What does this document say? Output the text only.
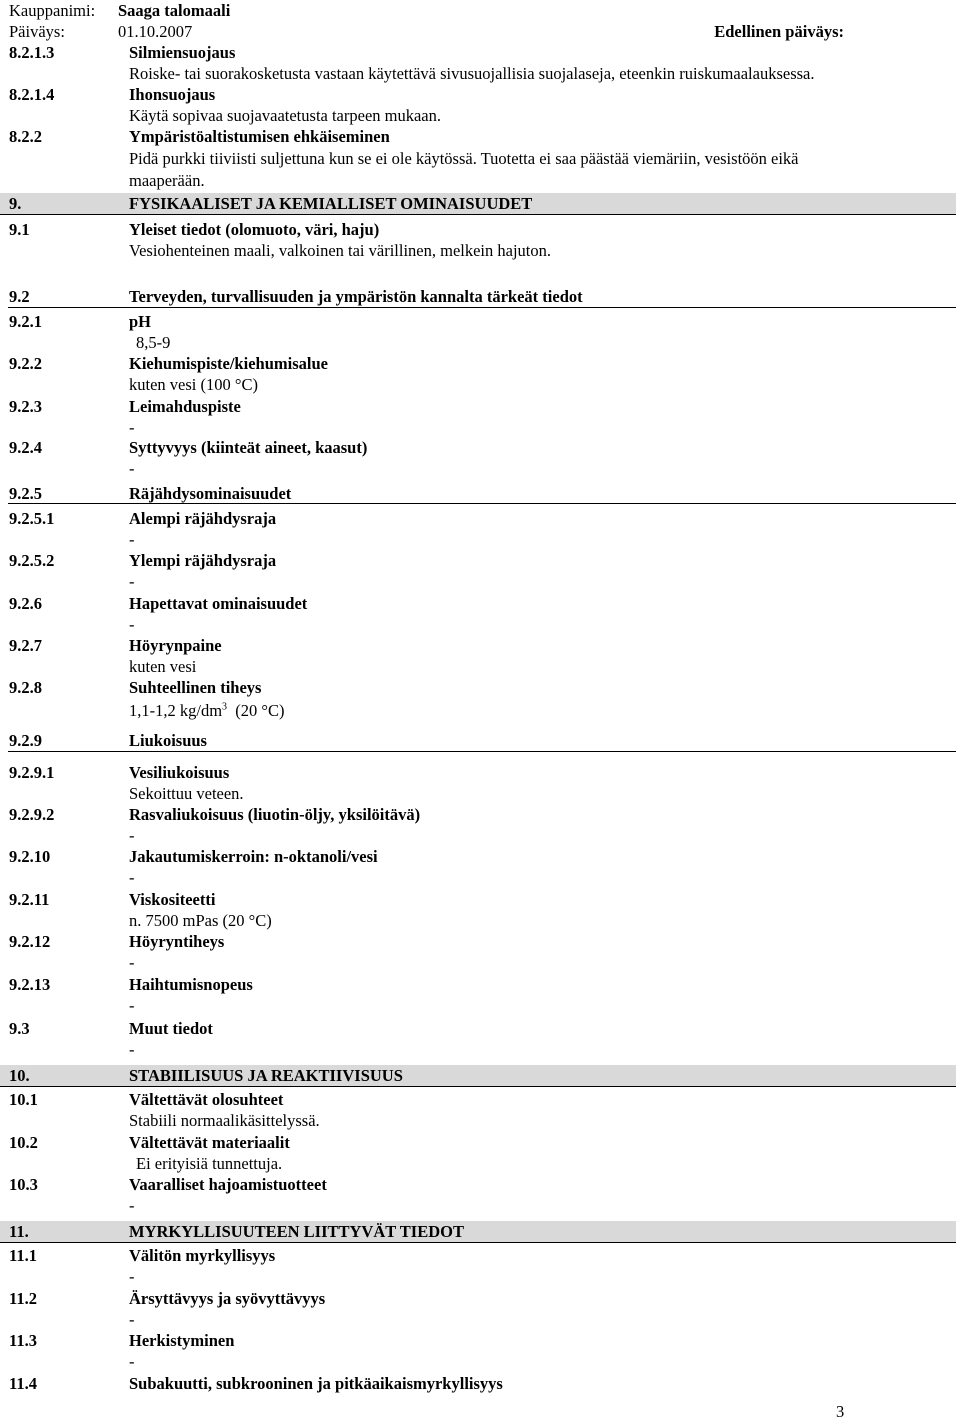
Kauppanimi: Saaga talomaali
Päiväys:	01.10.2007	Edellinen päiväys:
8.2.1.3	Silmiensuojaus
Roiske- tai suorakosketusta vastaan käytettävä sivusuojallisia suojalaseja, eteenkin ruiskumaalauksessa.
8.2.1.4	Ihonsuojaus
Käytä sopivaa suojavaatetusta tarpeen mukaan.
8.2.2	Ympäristöaltistumisen ehkäiseminen
Pidä purkki tiiviisti suljettuna kun se ei ole käytössä. Tuotetta ei saa päästää viemäriin, vesistöön eikä
maaperään.
9.	FYSIKAALISET JA KEMIALLISET OMINAISUUDET
9.1	Yleiset tiedot (olomuoto, väri, haju)
Vesiohenteinen maali, valkoinen tai värillinen, melkein hajuton.
9.2	Terveyden, turvallisuuden ja ympäristön kannalta tärkeät tiedot
9.2.1	pH
8,5-9
9.2.2	Kiehumispiste/kiehumisalue
kuten vesi (100 °C)
9.2.3	Leimahduspiste
-
9.2.4	Syttyvyys (kiinteät aineet, kaasut)
-
9.2.5	Räjähdysominaisuudet
9.2.5.1	Alempi räjähdysraja
-
9.2.5.2	Ylempi räjähdysraja
-
9.2.6	Hapettavat ominaisuudet
-
9.2.7	Höyrynpaine
kuten vesi
9.2.8	Suhteellinen tiheys
1,1-1,2 $kg/dm^3$  (20 °C)
9.2.9	Liukoisuus
9.2.9.1	Vesiliukoisuus
Sekoittuu veteen.
9.2.9.2	Rasvaliukoisuus (liuotin-öljy, yksilöitävä)
-
9.2.10	Jakautumiskerroin: n-oktanoli/vesi
-
9.2.11	Viskositeetti
n. 7500 mPas (20 °C)
9.2.12	Höyryntiheys
-
9.2.13	Haihtumisnopeus
-
9.3	Muut tiedot
-
10.	STABIILISUUS JA REAKTIIVISUUS
10.1	Vältettävät olosuhteet
Stabiili normaalikäsittelyssä.
10.2	Vältettävät materiaalit
Ei erityisiä tunnettuja.
10.3	Vaaralliset hajoamistuotteet
-
11.	MYRKYLLISUUTEEN LIITTYVÄT TIEDOT
11.1	Välitön myrkyllisyys
-
11.2	Ärsyttävyys ja syövyttävyys
-
11.3	Herkistyminen
-
11.4	Subakuutti, subkrooninen ja pitkäaikaismyrkyllisyys
3
